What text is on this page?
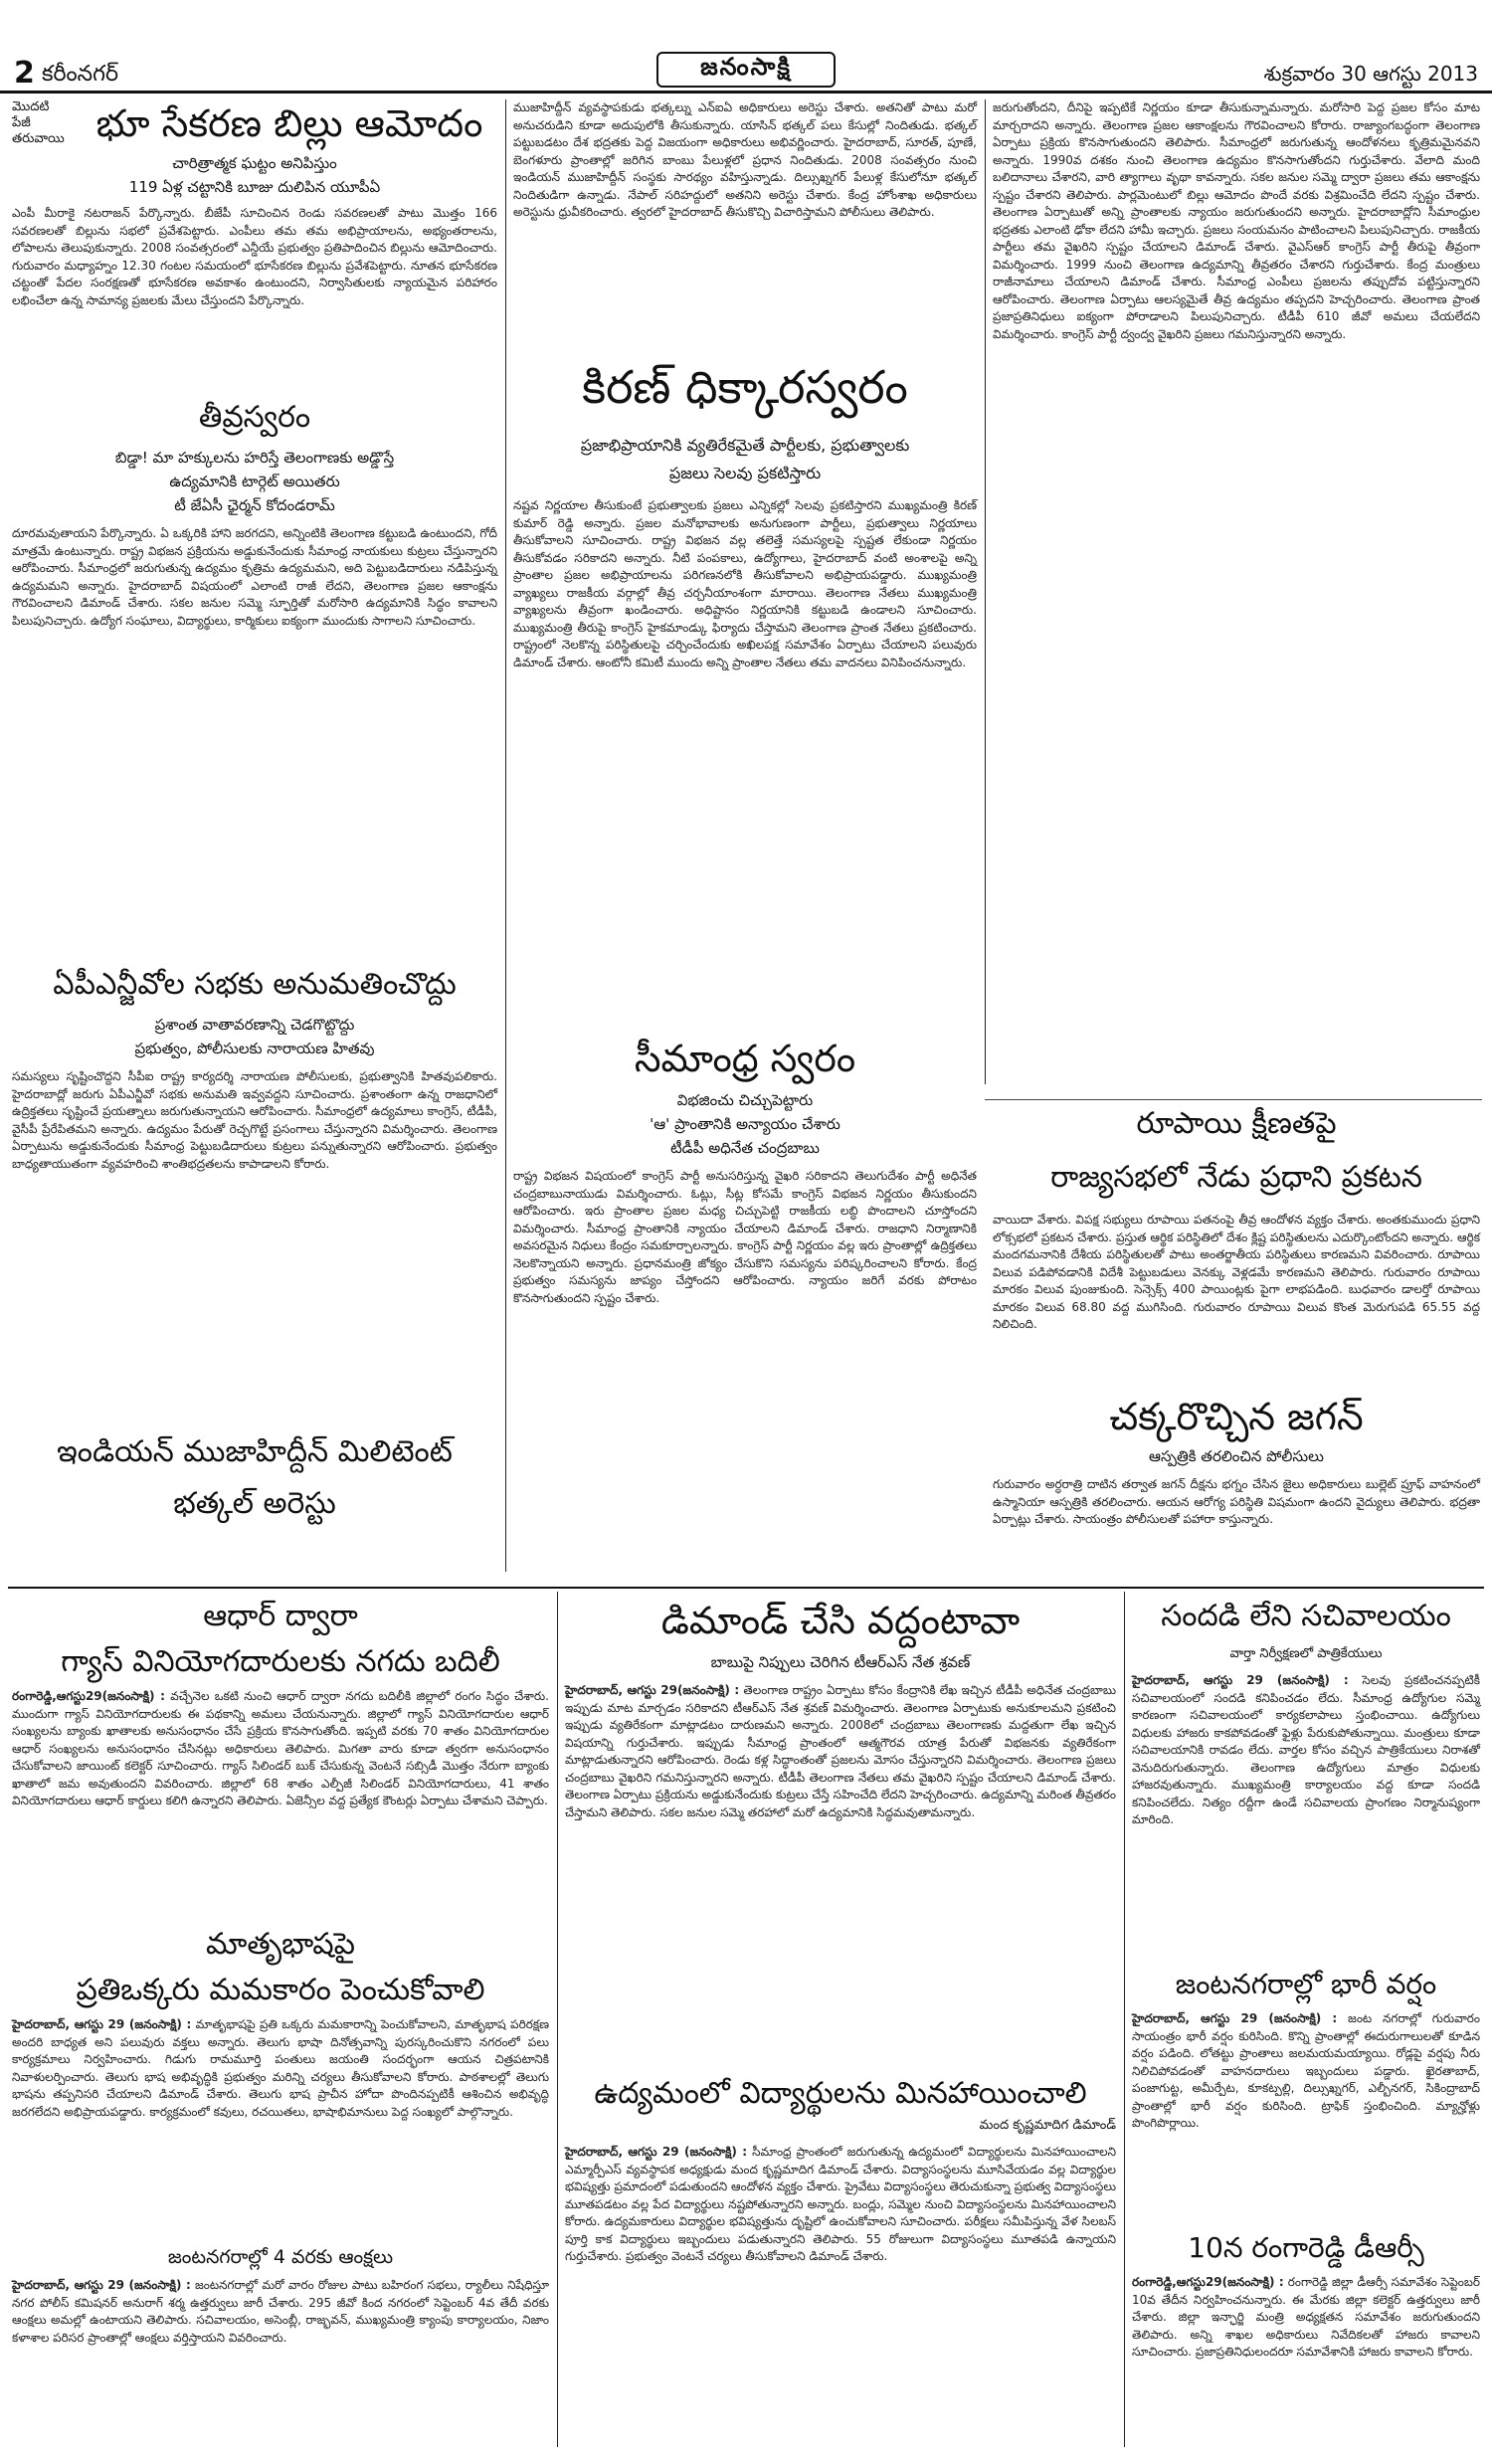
2 కరీంనగర్	జనంసాక్షి	శుక్రవారం 30 ఆగస్టు 2013
మొదటి పేజీ తరువాయి భూ సేకరణ బిల్లు ఆమోదం
చారిత్రాత్మక ఘట్టం అనిపిస్తుం
119 ఏళ్ల చట్టానికి బూజు దులిపిన యూపీఏ
ఎంపీ మీరాకై నటరాజన్ పేర్కొన్నారు. బీజేపీ సూచించిన రెండు సవరణలతో పాటు మొత్తం 166 సవరణలతో బిల్లును సభలో ప్రవేశపెట్టారు. ఎంపీలు తమ తమ అభిప్రాయాలను, అభ్యంతరాలను, లోపాలను తెలుపుకున్నారు. 2008 సంవత్సరంలో ఎన్డీయే ప్రభుత్వం ప్రతిపాదించిన బిల్లును ఆమోదించారు. గురువారం మధ్యాహ్నం 12.30 గంటల సమయంలో భూసేకరణ బిల్లును ప్రవేశపెట్టారు. నూతన భూసేకరణ చట్టంతో పేదల సంరక్షణతో భూసేకరణ అవకాశం ఉంటుందని, నిర్వాసితులకు న్యాయమైన పరిహారం లభించేలా ఉన్న సామాన్య ప్రజలకు మేలు చేస్తుందని పేర్కొన్నారు.
తీవ్రస్వరం
బిడ్డా! మా హక్కులను హరిస్తే తెలంగాణకు అడ్డొస్తే
ఉద్యమానికి టార్గెట్ అయితరు
టీ జేఏసీ ఛైర్మన్ కోదండరామ్
దూరమవుతాయని పేర్కొన్నారు. ఏ ఒక్కరికి హాని జరగదని, అన్నింటికి తెలంగాణ కట్టుబడి ఉంటుందని, గోదీ మాత్రమే ఉంటున్నారు. రాష్ట్ర విభజన ప్రక్రియను అడ్డుకునేందుకు సీమాంధ్ర నాయకులు కుట్రలు చేస్తున్నారని ఆరోపించారు. సీమాంధ్రలో జరుగుతున్న ఉద్యమం కృత్రిమ ఉద్యమమని, అది పెట్టుబడిదారులు నడిపిస్తున్న ఉద్యమమని అన్నారు. హైదరాబాద్ విషయంలో ఎలాంటి రాజీ లేదని, తెలంగాణ ప్రజల ఆకాంక్షను గౌరవించాలని డిమాండ్ చేశారు. సకల జనుల సమ్మె స్ఫూర్తితో మరోసారి ఉద్యమానికి సిద్ధం కావాలని పిలుపునిచ్చారు. ఉద్యోగ సంఘాలు, విద్యార్థులు, కార్మికులు ఐక్యంగా ముందుకు సాగాలని సూచించారు.
ఏపీఎన్జీవోల సభకు అనుమతించొద్దు
ప్రశాంత వాతావరణాన్ని చెడగొట్టొద్దు
ప్రభుత్వం, పోలీసులకు నారాయణ హితవు
సమస్యలు సృష్టించొద్దని సీపీఐ రాష్ట్ర కార్యదర్శి నారాయణ పోలీసులకు, ప్రభుత్వానికి హితవుపలికారు. హైదరాబాద్లో జరుగు ఏపీఎన్జీవో సభకు అనుమతి ఇవ్వవద్దని సూచించారు. ప్రశాంతంగా ఉన్న రాజధానిలో ఉద్రిక్తతలు సృష్టించే ప్రయత్నాలు జరుగుతున్నాయని ఆరోపించారు. సీమాంధ్రలో ఉద్యమాలు కాంగ్రెస్, టీడీపీ, వైసీపీ ప్రేరేపితమని అన్నారు. ఉద్యమం పేరుతో రెచ్చగొట్టే ప్రసంగాలు చేస్తున్నారని విమర్శించారు. తెలంగాణ ఏర్పాటును అడ్డుకునేందుకు సీమాంధ్ర పెట్టుబడిదారులు కుట్రలు పన్నుతున్నారని ఆరోపించారు. ప్రభుత్వం బాధ్యతాయుతంగా వ్యవహరించి శాంతిభద్రతలను కాపాడాలని కోరారు.
ఇండియన్ ముజాహిద్దీన్ మిలిటెంట్
భత్కల్ అరెస్టు
ముజాహిద్దీన్ వ్యవస్థాపకుడు భత్కల్ను ఎన్ఐఏ అధికారులు అరెస్టు చేశారు. అతనితో పాటు మరో అనుచరుడిని కూడా అదుపులోకి తీసుకున్నారు. యాసిన్ భత్కల్ పలు కేసుల్లో నిందితుడు. భత్కల్ పట్టుబడటం దేశ భద్రతకు పెద్ద విజయంగా అధికారులు అభివర్ణించారు. హైదరాబాద్, సూరత్, పూణే, బెంగళూరు ప్రాంతాల్లో జరిగిన బాంబు పేలుళ్లలో ప్రధాన నిందితుడు. 2008 సంవత్సరం నుంచి ఇండియన్ ముజాహిద్దీన్ సంస్థకు సారథ్యం వహిస్తున్నాడు. దిల్సుఖ్నగర్ పేలుళ్ల కేసులోనూ భత్కల్ నిందితుడిగా ఉన్నాడు. నేపాల్ సరిహద్దులో అతనిని అరెస్టు చేశారు. కేంద్ర హోంశాఖ అధికారులు అరెస్టును ధ్రువీకరించారు. త్వరలో హైదరాబాద్ తీసుకొచ్చి విచారిస్తామని పోలీసులు తెలిపారు.
కిరణ్ ధిక్కారస్వరం
ప్రజాభిప్రాయానికి వ్యతిరేకమైతే పార్టీలకు, ప్రభుత్వాలకు
ప్రజలు సెలవు ప్రకటిస్తారు
నష్టవ నిర్ణయాల తీసుకుంటే ప్రభుత్వాలకు ప్రజలు ఎన్నికల్లో సెలవు ప్రకటిస్తారని ముఖ్యమంత్రి కిరణ్ కుమార్ రెడ్డి అన్నారు. ప్రజల మనోభావాలకు అనుగుణంగా పార్టీలు, ప్రభుత్వాలు నిర్ణయాలు తీసుకోవాలని సూచించారు. రాష్ట్ర విభజన వల్ల తలెత్తే సమస్యలపై స్పష్టత లేకుండా నిర్ణయం తీసుకోవడం సరికాదని అన్నారు. నీటి పంపకాలు, ఉద్యోగాలు, హైదరాబాద్ వంటి అంశాలపై అన్ని ప్రాంతాల ప్రజల అభిప్రాయాలను పరిగణనలోకి తీసుకోవాలని అభిప్రాయపడ్డారు. ముఖ్యమంత్రి వ్యాఖ్యలు రాజకీయ వర్గాల్లో తీవ్ర చర్చనీయాంశంగా మారాయి. తెలంగాణ నేతలు ముఖ్యమంత్రి వ్యాఖ్యలను తీవ్రంగా ఖండించారు. అధిష్టానం నిర్ణయానికి కట్టుబడి ఉండాలని సూచించారు. ముఖ్యమంత్రి తీరుపై కాంగ్రెస్ హైకమాండ్కు ఫిర్యాదు చేస్తామని తెలంగాణ ప్రాంత నేతలు ప్రకటించారు. రాష్ట్రంలో నెలకొన్న పరిస్థితులపై చర్చించేందుకు అఖిలపక్ష సమావేశం ఏర్పాటు చేయాలని పలువురు డిమాండ్ చేశారు. ఆంటోనీ కమిటీ ముందు అన్ని ప్రాంతాల నేతలు తమ వాదనలు వినిపించనున్నారు.
సీమాంధ్ర స్వరం
విభజించు చిచ్చుపెట్టారు
'ఆ' ప్రాంతానికి అన్యాయం చేశారు
టీడీపీ అధినేత చంద్రబాబు
రాష్ట్ర విభజన విషయంలో కాంగ్రెస్ పార్టీ అనుసరిస్తున్న వైఖరి సరికాదని తెలుగుదేశం పార్టీ అధినేత చంద్రబాబునాయుడు విమర్శించారు. ఓట్లు, సీట్ల కోసమే కాంగ్రెస్ విభజన నిర్ణయం తీసుకుందని ఆరోపించారు. ఇరు ప్రాంతాల ప్రజల మధ్య చిచ్చుపెట్టి రాజకీయ లబ్ధి పొందాలని చూస్తోందని విమర్శించారు. సీమాంధ్ర ప్రాంతానికి న్యాయం చేయాలని డిమాండ్ చేశారు. రాజధాని నిర్మాణానికి అవసరమైన నిధులు కేంద్రం సమకూర్చాలన్నారు. కాంగ్రెస్ పార్టీ నిర్ణయం వల్ల ఇరు ప్రాంతాల్లో ఉద్రిక్తతలు నెలకొన్నాయని అన్నారు. ప్రధానమంత్రి జోక్యం చేసుకొని సమస్యను పరిష్కరించాలని కోరారు. కేంద్ర ప్రభుత్వం సమస్యను జాప్యం చేస్తోందని ఆరోపించారు. న్యాయం జరిగే వరకు పోరాటం కొనసాగుతుందని స్పష్టం చేశారు.
జరుగుతోందని, దీనిపై ఇప్పటికే నిర్ణయం కూడా తీసుకున్నామన్నారు. మరోసారి పెద్ద ప్రజల కోసం మాట మార్చరాదని అన్నారు. తెలంగాణ ప్రజల ఆకాంక్షలను గౌరవించాలని కోరారు. రాజ్యాంగబద్ధంగా తెలంగాణ ఏర్పాటు ప్రక్రియ కొనసాగుతుందని తెలిపారు. సీమాంధ్రలో జరుగుతున్న ఆందోళనలు కృత్రిమమైనవని అన్నారు. 1990వ దశకం నుంచి తెలంగాణ ఉద్యమం కొనసాగుతోందని గుర్తుచేశారు. వేలాది మంది బలిదానాలు చేశారని, వారి త్యాగాలు వృథా కావన్నారు. సకల జనుల సమ్మె ద్వారా ప్రజలు తమ ఆకాంక్షను స్పష్టం చేశారని తెలిపారు. పార్లమెంటులో బిల్లు ఆమోదం పొందే వరకు విశ్రమించేది లేదని స్పష్టం చేశారు. తెలంగాణ ఏర్పాటుతో అన్ని ప్రాంతాలకు న్యాయం జరుగుతుందని అన్నారు. హైదరాబాద్లోని సీమాంధ్రుల భద్రతకు ఎలాంటి ఢోకా లేదని హామీ ఇచ్చారు. ప్రజలు సంయమనం పాటించాలని పిలుపునిచ్చారు. రాజకీయ పార్టీలు తమ వైఖరిని స్పష్టం చేయాలని డిమాండ్ చేశారు. వైఎస్ఆర్ కాంగ్రెస్ పార్టీ తీరుపై తీవ్రంగా విమర్శించారు. 1999 నుంచి తెలంగాణ ఉద్యమాన్ని తీవ్రతరం చేశారని గుర్తుచేశారు. కేంద్ర మంత్రులు రాజీనామాలు చేయాలని డిమాండ్ చేశారు. సీమాంధ్ర ఎంపీలు ప్రజలను తప్పుదోవ పట్టిస్తున్నారని ఆరోపించారు. తెలంగాణ ఏర్పాటు ఆలస్యమైతే తీవ్ర ఉద్యమం తప్పదని హెచ్చరించారు. తెలంగాణ ప్రాంత ప్రజాప్రతినిధులు ఐక్యంగా పోరాడాలని పిలుపునిచ్చారు. టీడీపీ 610 జీవో అమలు చేయలేదని విమర్శించారు. కాంగ్రెస్ పార్టీ ద్వంద్వ వైఖరిని ప్రజలు గమనిస్తున్నారని అన్నారు.
రూపాయి క్షీణతపై
రాజ్యసభలో నేడు ప్రధాని ప్రకటన
వాయిదా వేశారు. విపక్ష సభ్యులు రూపాయి పతనంపై తీవ్ర ఆందోళన వ్యక్తం చేశారు. అంతకుముందు ప్రధాని లోక్సభలో ప్రకటన చేశారు. ప్రస్తుత ఆర్థిక పరిస్థితిలో దేశం క్లిష్ట పరిస్థితులను ఎదుర్కొంటోందని అన్నారు. ఆర్థిక మందగమనానికి దేశీయ పరిస్థితులతో పాటు అంతర్జాతీయ పరిస్థితులు కారణమని వివరించారు. రూపాయి విలువ పడిపోవడానికి విదేశీ పెట్టుబడులు వెనక్కు వెళ్లడమే కారణమని తెలిపారు. గురువారం రూపాయి మారకం విలువ పుంజుకుంది. సెన్సెక్స్ 400 పాయింట్లకు పైగా లాభపడింది. బుధవారం డాలర్తో రూపాయి మారకం విలువ 68.80 వద్ద ముగిసింది. గురువారం రూపాయి విలువ కొంత మెరుగుపడి 65.55 వద్ద నిలిచింది.
చక్కరొచ్చిన జగన్
ఆస్పత్రికి తరలించిన పోలీసులు
గురువారం అర్ధరాత్రి దాటిన తర్వాత జగన్ దీక్షను భగ్నం చేసిన జైలు అధికారులు బుల్లెట్ ప్రూఫ్ వాహనంలో ఉస్మానియా ఆస్పత్రికి తరలించారు. ఆయన ఆరోగ్య పరిస్థితి విషమంగా ఉందని వైద్యులు తెలిపారు. భద్రతా ఏర్పాట్లు చేశారు. సాయంత్రం పోలీసులతో పహారా కాస్తున్నారు.
ఆధార్ ద్వారా
గ్యాస్ వినియోగదారులకు నగదు బదిలీ
రంగారెడ్డి,ఆగస్టు29(జనంసాక్షి) : వచ్చేనెల ఒకటి నుంచి ఆధార్ ద్వారా నగదు బదిలీకి జిల్లాలో రంగం సిద్ధం చేశారు. ముందుగా గ్యాస్ వినియోగదారులకు ఈ పథకాన్ని అమలు చేయనున్నారు. జిల్లాలో గ్యాస్ వినియోగదారుల ఆధార్ సంఖ్యలను బ్యాంకు ఖాతాలకు అనుసంధానం చేసే ప్రక్రియ కొనసాగుతోంది. ఇప్పటి వరకు 70 శాతం వినియోగదారుల ఆధార్ సంఖ్యలను అనుసంధానం చేసినట్లు అధికారులు తెలిపారు. మిగతా వారు కూడా త్వరగా అనుసంధానం చేసుకోవాలని జాయింట్ కలెక్టర్ సూచించారు. గ్యాస్ సిలిండర్ బుక్ చేసుకున్న వెంటనే సబ్సిడీ మొత్తం నేరుగా బ్యాంకు ఖాతాలో జమ అవుతుందని వివరించారు. జిల్లాలో 68 శాతం ఎల్పీజీ సిలిండర్ వినియోగదారులు, 41 శాతం వినియోగదారులు ఆధార్ కార్డులు కలిగి ఉన్నారని తెలిపారు. ఏజెన్సీల వద్ద ప్రత్యేక కౌంటర్లు ఏర్పాటు చేశామని చెప్పారు.
మాతృభాషపై
ప్రతిఒక్కరు మమకారం పెంచుకోవాలి
హైదరాబాద్, ఆగస్టు 29 (జనంసాక్షి) : మాతృభాషపై ప్రతి ఒక్కరు మమకారాన్ని పెంచుకోవాలని, మాతృభాష పరిరక్షణ అందరి బాధ్యత అని పలువురు వక్తలు అన్నారు. తెలుగు భాషా దినోత్సవాన్ని పురస్కరించుకొని నగరంలో పలు కార్యక్రమాలు నిర్వహించారు. గిడుగు రామమూర్తి పంతులు జయంతి సందర్భంగా ఆయన చిత్రపటానికి నివాళులర్పించారు. తెలుగు భాష అభివృద్ధికి ప్రభుత్వం మరిన్ని చర్యలు తీసుకోవాలని కోరారు. పాఠశాలల్లో తెలుగు భాషను తప్పనిసరి చేయాలని డిమాండ్ చేశారు. తెలుగు భాష ప్రాచీన హోదా పొందినప్పటికీ ఆశించిన అభివృద్ధి జరగలేదని అభిప్రాయపడ్డారు. కార్యక్రమంలో కవులు, రచయితలు, భాషాభిమానులు పెద్ద సంఖ్యలో పాల్గొన్నారు.
జంటనగరాల్లో 4 వరకు ఆంక్షలు
హైదరాబాద్, ఆగస్టు 29 (జనంసాక్షి) : జంటనగరాల్లో మరో వారం రోజుల పాటు బహిరంగ సభలు, ర్యాలీలు నిషేధిస్తూ నగర పోలీస్ కమిషనర్ అనురాగ్ శర్మ ఉత్తర్వులు జారీ చేశారు. 295 జీవో కింద నగరంలో సెప్టెంబర్ 4వ తేదీ వరకు ఆంక్షలు అమల్లో ఉంటాయని తెలిపారు. సచివాలయం, అసెంబ్లీ, రాజ్భవన్, ముఖ్యమంత్రి క్యాంపు కార్యాలయం, నిజాం కళాశాల పరిసర ప్రాంతాల్లో ఆంక్షలు వర్తిస్తాయని వివరించారు.
డిమాండ్ చేసి వద్దంటావా
బాబుపై నిప్పులు చెరిగిన టీఆర్ఎస్ నేత శ్రవణ్
హైదరాబాద్, ఆగస్టు 29(జనంసాక్షి) : తెలంగాణ రాష్ట్రం ఏర్పాటు కోసం కేంద్రానికి లేఖ ఇచ్చిన టీడీపీ అధినేత చంద్రబాబు ఇప్పుడు మాట మార్చడం సరికాదని టీఆర్ఎస్ నేత శ్రవణ్ విమర్శించారు. తెలంగాణ ఏర్పాటుకు అనుకూలమని ప్రకటించి ఇప్పుడు వ్యతిరేకంగా మాట్లాడటం దారుణమని అన్నారు. 2008లో చంద్రబాబు తెలంగాణకు మద్దతుగా లేఖ ఇచ్చిన విషయాన్ని గుర్తుచేశారు. ఇప్పుడు సీమాంధ్ర ప్రాంతంలో ఆత్మగౌరవ యాత్ర పేరుతో విభజనకు వ్యతిరేకంగా మాట్లాడుతున్నారని ఆరోపించారు. రెండు కళ్ల సిద్ధాంతంతో ప్రజలను మోసం చేస్తున్నారని విమర్శించారు. తెలంగాణ ప్రజలు చంద్రబాబు వైఖరిని గమనిస్తున్నారని అన్నారు. టీడీపీ తెలంగాణ నేతలు తమ వైఖరిని స్పష్టం చేయాలని డిమాండ్ చేశారు. తెలంగాణ ఏర్పాటు ప్రక్రియను అడ్డుకునేందుకు కుట్రలు చేస్తే సహించేది లేదని హెచ్చరించారు. ఉద్యమాన్ని మరింత తీవ్రతరం చేస్తామని తెలిపారు. సకల జనుల సమ్మె తరహాలో మరో ఉద్యమానికి సిద్ధమవుతామన్నారు.
ఉద్యమంలో విద్యార్థులను మినహాయించాలి
మంద కృష్ణమాదిగ డిమాండ్
హైదరాబాద్, ఆగస్టు 29 (జనంసాక్షి) : సీమాంధ్ర ప్రాంతంలో జరుగుతున్న ఉద్యమంలో విద్యార్థులను మినహాయించాలని ఎమ్మార్పీఎస్ వ్యవస్థాపక అధ్యక్షుడు మంద కృష్ణమాదిగ డిమాండ్ చేశారు. విద్యాసంస్థలను మూసివేయడం వల్ల విద్యార్థుల భవిష్యత్తు ప్రమాదంలో పడుతుందని ఆందోళన వ్యక్తం చేశారు. ప్రైవేటు విద్యాసంస్థలు తెరుచుకున్నా ప్రభుత్వ విద్యాసంస్థలు మూతపడటం వల్ల పేద విద్యార్థులు నష్టపోతున్నారని అన్నారు. బంద్లు, సమ్మెల నుంచి విద్యాసంస్థలను మినహాయించాలని కోరారు. ఉద్యమకారులు విద్యార్థుల భవిష్యత్తును దృష్టిలో ఉంచుకోవాలని సూచించారు. పరీక్షలు సమీపిస్తున్న వేళ సిలబస్ పూర్తి కాక విద్యార్థులు ఇబ్బందులు పడుతున్నారని తెలిపారు. 55 రోజులుగా విద్యాసంస్థలు మూతపడి ఉన్నాయని గుర్తుచేశారు. ప్రభుత్వం వెంటనే చర్యలు తీసుకోవాలని డిమాండ్ చేశారు.
సందడి లేని సచివాలయం
వార్తా నిర్వీక్షణలో పాత్రికేయులు
హైదరాబాద్, ఆగస్టు 29 (జనంసాక్షి) : సెలవు ప్రకటించనప్పటికీ సచివాలయంలో సందడి కనిపించడం లేదు. సీమాంధ్ర ఉద్యోగుల సమ్మె కారణంగా సచివాలయంలో కార్యకలాపాలు స్తంభించాయి. ఉద్యోగులు విధులకు హాజరు కాకపోవడంతో ఫైళ్లు పేరుకుపోతున్నాయి. మంత్రులు కూడా సచివాలయానికి రావడం లేదు. వార్తల కోసం వచ్చిన పాత్రికేయులు నిరాశతో వెనుదిరుగుతున్నారు. తెలంగాణ ఉద్యోగులు మాత్రం విధులకు హాజరవుతున్నారు. ముఖ్యమంత్రి కార్యాలయం వద్ద కూడా సందడి కనిపించలేదు. నిత్యం రద్దీగా ఉండే సచివాలయ ప్రాంగణం నిర్మానుష్యంగా మారింది.
జంటనగరాల్లో భారీ వర్షం
హైదరాబాద్, ఆగస్టు 29 (జనంసాక్షి) : జంట నగరాల్లో గురువారం సాయంత్రం భారీ వర్షం కురిసింది. కొన్ని ప్రాంతాల్లో ఈదురుగాలులతో కూడిన వర్షం పడింది. లోతట్టు ప్రాంతాలు జలమయమయ్యాయి. రోడ్లపై వర్షపు నీరు నిలిచిపోవడంతో వాహనదారులు ఇబ్బందులు పడ్డారు. ఖైరతాబాద్, పంజాగుట్ట, అమీర్పేట, కూకట్పల్లి, దిల్సుఖ్నగర్, ఎల్బీనగర్, సికింద్రాబాద్ ప్రాంతాల్లో భారీ వర్షం కురిసింది. ట్రాఫిక్ స్తంభించింది. మ్యాన్హోళ్లు పొంగిపొర్లాయి.
10న రంగారెడ్డి డీఆర్సీ
రంగారెడ్డి,ఆగస్టు29(జనంసాక్షి) : రంగారెడ్డి జిల్లా డీఆర్సీ సమావేశం సెప్టెంబర్ 10వ తేదీన నిర్వహించనున్నారు. ఈ మేరకు జిల్లా కలెక్టర్ ఉత్తర్వులు జారీ చేశారు. జిల్లా ఇన్ఛార్జి మంత్రి అధ్యక్షతన సమావేశం జరుగుతుందని తెలిపారు. అన్ని శాఖల అధికారులు నివేదికలతో హాజరు కావాలని సూచించారు. ప్రజాప్రతినిధులందరూ సమావేశానికి హాజరు కావాలని కోరారు.
